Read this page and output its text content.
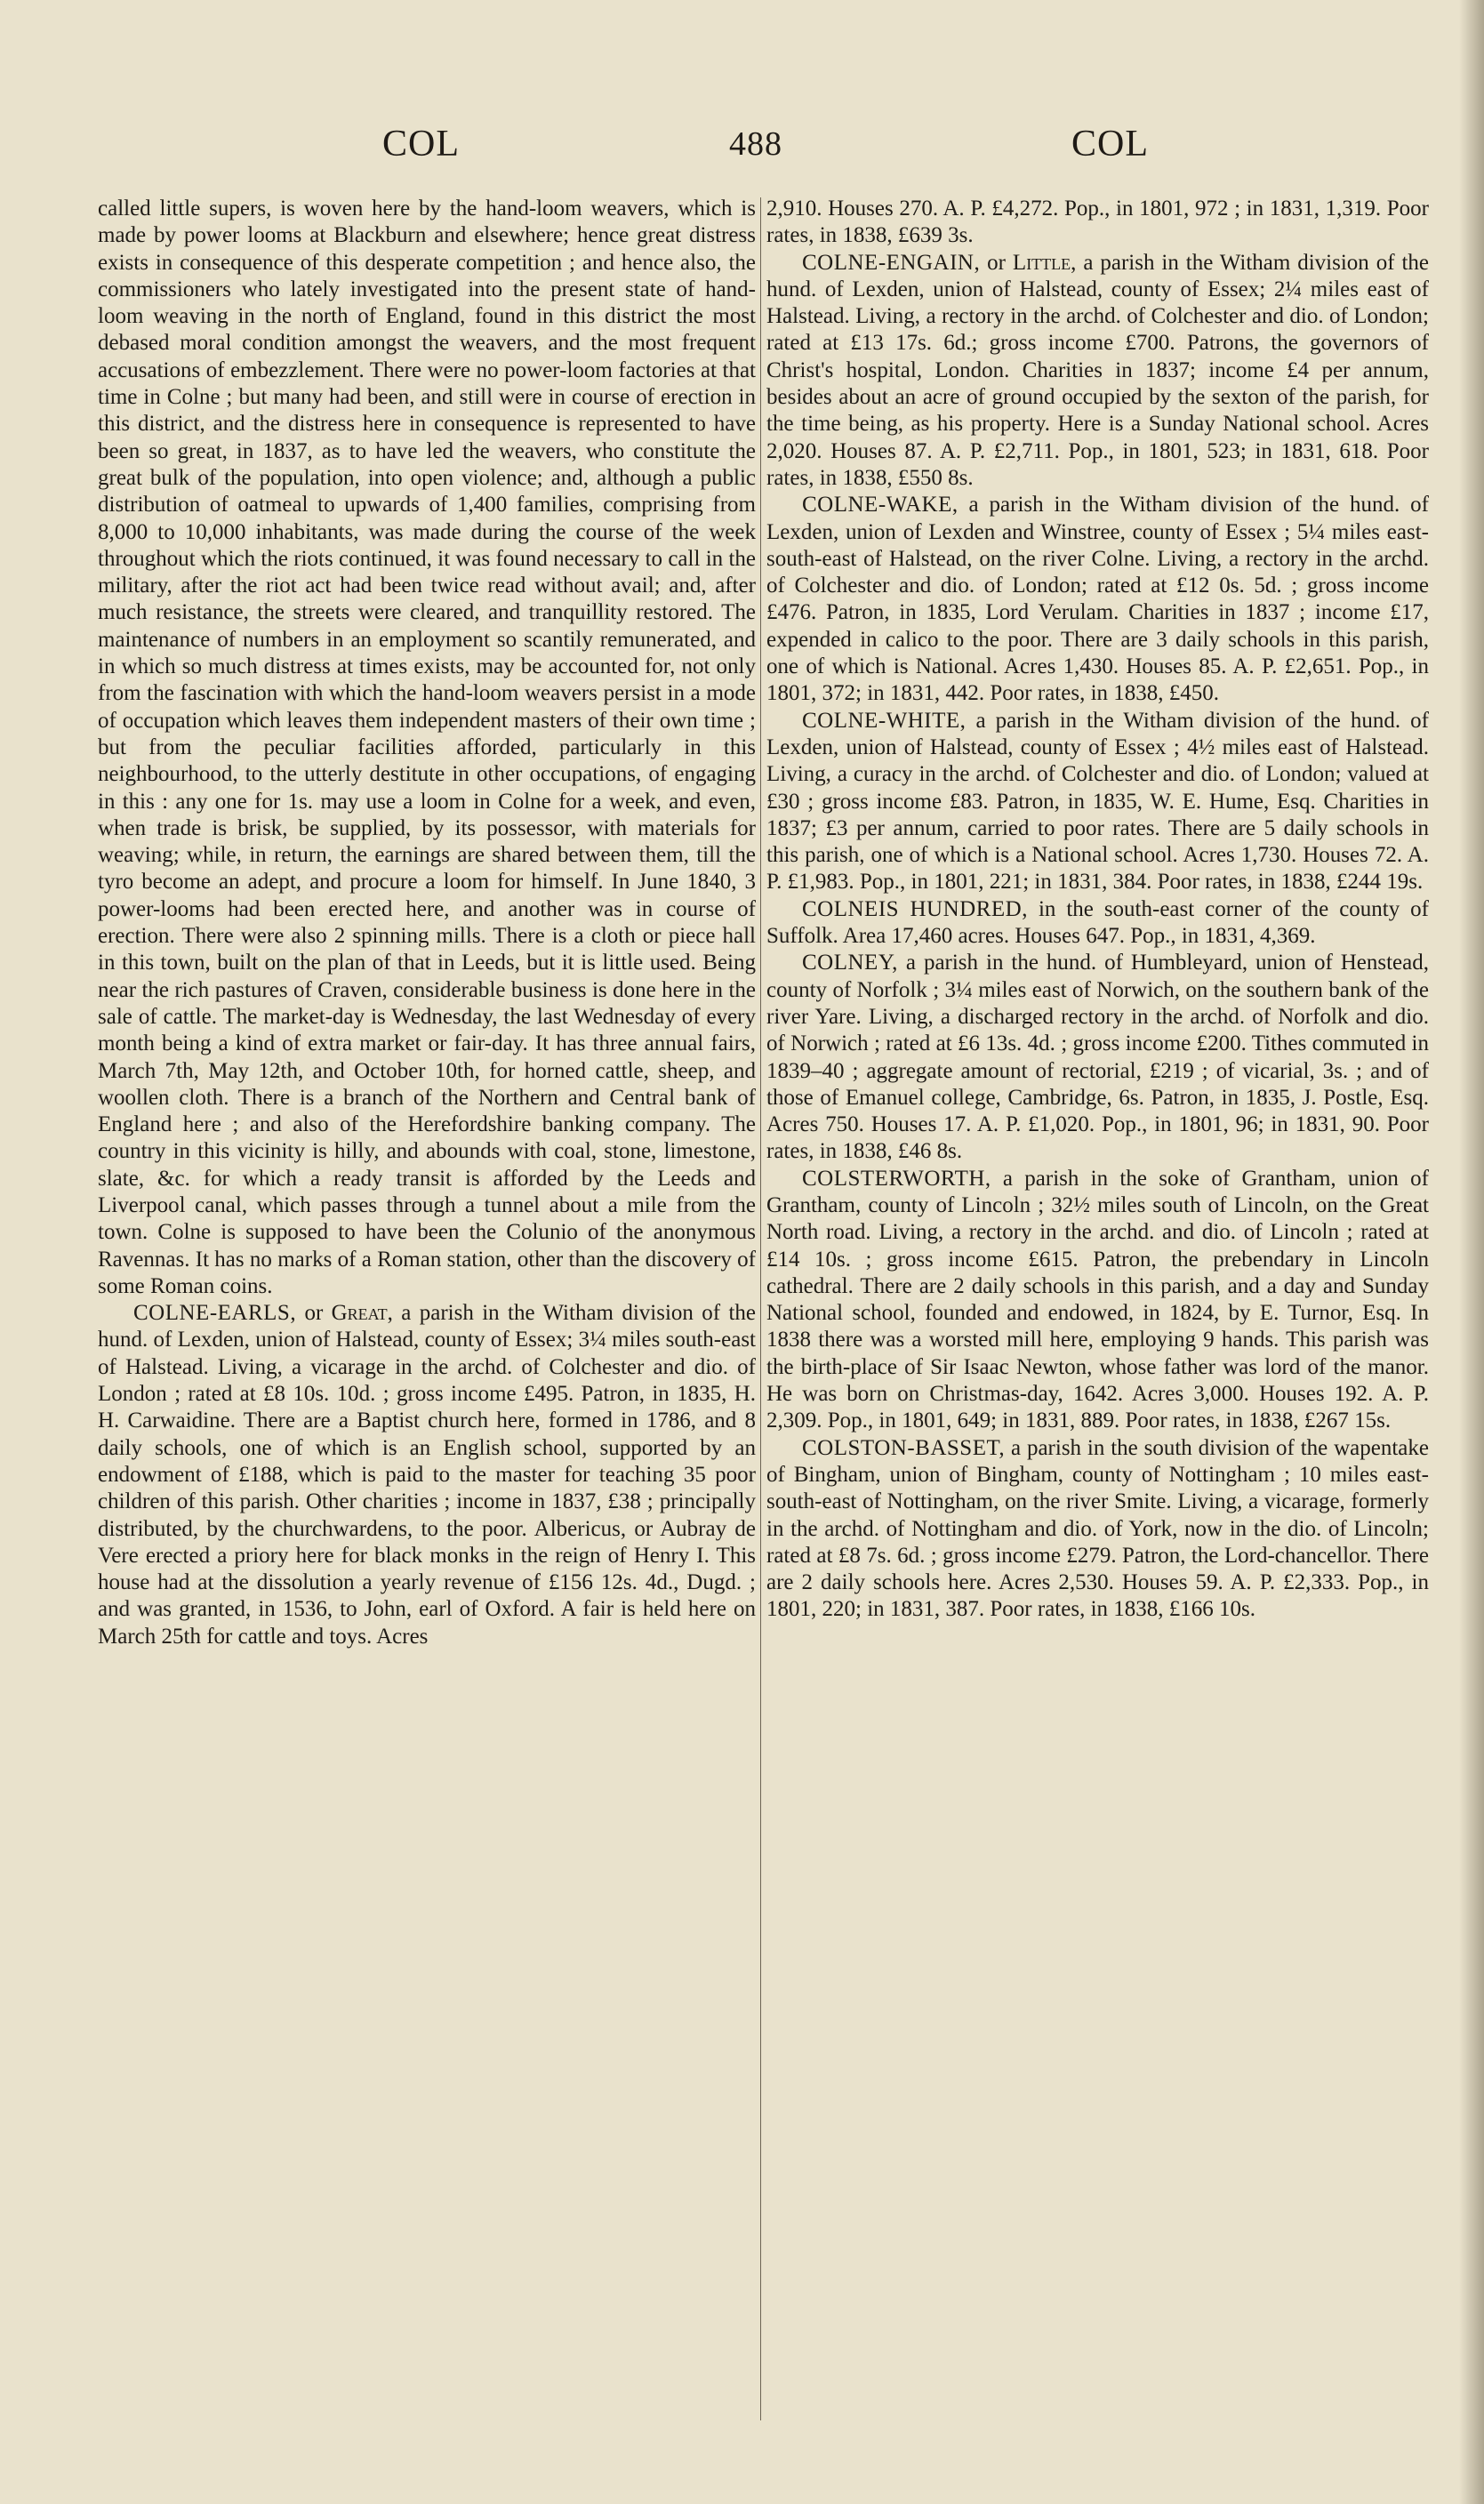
COL	488	COL

called little supers, is woven here by the hand-loom weavers, which is made by power looms at Blackburn and elsewhere; hence great distress exists in consequence of this desperate competition ; and hence also, the commissioners who lately investigated into the present state of hand-loom weaving in the north of England, found in this district the most debased moral condition amongst the weavers, and the most frequent accusations of embezzlement. There were no power-loom factories at that time in Colne ; but many had been, and still were in course of erection in this district, and the distress here in consequence is represented to have been so great, in 1837, as to have led the weavers, who constitute the great bulk of the population, into open violence; and, although a public distribution of oatmeal to upwards of 1,400 families, comprising from 8,000 to 10,000 inhabitants, was made during the course of the week throughout which the riots continued, it was found necessary to call in the military, after the riot act had been twice read without avail; and, after much resistance, the streets were cleared, and tranquillity restored. The maintenance of numbers in an employment so scantily remunerated, and in which so much distress at times exists, may be accounted for, not only from the fascination with which the hand-loom weavers persist in a mode of occupation which leaves them independent masters of their own time ; but from the peculiar facilities afforded, particularly in this neighbourhood, to the utterly destitute in other occupations, of engaging in this : any one for 1s. may use a loom in Colne for a week, and even, when trade is brisk, be supplied, by its possessor, with materials for weaving; while, in return, the earnings are shared between them, till the tyro become an adept, and procure a loom for himself. In June 1840, 3 power-looms had been erected here, and another was in course of erection. There were also 2 spinning mills. There is a cloth or piece hall in this town, built on the plan of that in Leeds, but it is little used. Being near the rich pastures of Craven, considerable business is done here in the sale of cattle. The market-day is Wednesday, the last Wednesday of every month being a kind of extra market or fair-day. It has three annual fairs, March 7th, May 12th, and October 10th, for horned cattle, sheep, and woollen cloth. There is a branch of the Northern and Central bank of England here ; and also of the Herefordshire banking company. The country in this vicinity is hilly, and abounds with coal, stone, limestone, slate, &c. for which a ready transit is afforded by the Leeds and Liverpool canal, which passes through a tunnel about a mile from the town. Colne is supposed to have been the Colunio of the anonymous Ravennas. It has no marks of a Roman station, other than the discovery of some Roman coins.

COLNE-EARLS, or Great, a parish in the Witham division of the hund. of Lexden, union of Halstead, county of Essex; 3¼ miles south-east of Halstead. Living, a vicarage in the archd. of Colchester and dio. of London ; rated at £8 10s. 10d. ; gross income £495. Patron, in 1835, H. H. Carwaidine. There are a Baptist church here, formed in 1786, and 8 daily schools, one of which is an English school, supported by an endowment of £188, which is paid to the master for teaching 35 poor children of this parish. Other charities ; income in 1837, £38 ; principally distributed, by the churchwardens, to the poor. Albericus, or Aubray de Vere erected a priory here for black monks in the reign of Henry I. This house had at the dissolution a yearly revenue of £156 12s. 4d., Dugd. ; and was granted, in 1536, to John, earl of Oxford. A fair is held here on March 25th for cattle and toys. Acres

2,910. Houses 270. A. P. £4,272. Pop., in 1801, 972 ; in 1831, 1,319. Poor rates, in 1838, £639 3s.

COLNE-ENGAIN, or Little, a parish in the Witham division of the hund. of Lexden, union of Halstead, county of Essex; 2¼ miles east of Halstead. Living, a rectory in the archd. of Colchester and dio. of London; rated at £13 17s. 6d.; gross income £700. Patrons, the governors of Christ's hospital, London. Charities in 1837; income £4 per annum, besides about an acre of ground occupied by the sexton of the parish, for the time being, as his property. Here is a Sunday National school. Acres 2,020. Houses 87. A. P. £2,711. Pop., in 1801, 523; in 1831, 618. Poor rates, in 1838, £550 8s.

COLNE-WAKE, a parish in the Witham division of the hund. of Lexden, union of Lexden and Winstree, county of Essex ; 5¼ miles east-south-east of Halstead, on the river Colne. Living, a rectory in the archd. of Colchester and dio. of London; rated at £12 0s. 5d. ; gross income £476. Patron, in 1835, Lord Verulam. Charities in 1837 ; income £17, expended in calico to the poor. There are 3 daily schools in this parish, one of which is National. Acres 1,430. Houses 85. A. P. £2,651. Pop., in 1801, 372; in 1831, 442. Poor rates, in 1838, £450.

COLNE-WHITE, a parish in the Witham division of the hund. of Lexden, union of Halstead, county of Essex ; 4½ miles east of Halstead. Living, a curacy in the archd. of Colchester and dio. of London; valued at £30 ; gross income £83. Patron, in 1835, W. E. Hume, Esq. Charities in 1837; £3 per annum, carried to poor rates. There are 5 daily schools in this parish, one of which is a National school. Acres 1,730. Houses 72. A. P. £1,983. Pop., in 1801, 221; in 1831, 384. Poor rates, in 1838, £244 19s.

COLNEIS HUNDRED, in the south-east corner of the county of Suffolk. Area 17,460 acres. Houses 647. Pop., in 1831, 4,369.

COLNEY, a parish in the hund. of Humbleyard, union of Henstead, county of Norfolk ; 3¼ miles east of Norwich, on the southern bank of the river Yare. Living, a discharged rectory in the archd. of Norfolk and dio. of Norwich ; rated at £6 13s. 4d. ; gross income £200. Tithes commuted in 1839–40 ; aggregate amount of rectorial, £219 ; of vicarial, 3s. ; and of those of Emanuel college, Cambridge, 6s. Patron, in 1835, J. Postle, Esq. Acres 750. Houses 17. A. P. £1,020. Pop., in 1801, 96; in 1831, 90. Poor rates, in 1838, £46 8s.

COLSTERWORTH, a parish in the soke of Grantham, union of Grantham, county of Lincoln ; 32½ miles south of Lincoln, on the Great North road. Living, a rectory in the archd. and dio. of Lincoln ; rated at £14 10s. ; gross income £615. Patron, the prebendary in Lincoln cathedral. There are 2 daily schools in this parish, and a day and Sunday National school, founded and endowed, in 1824, by E. Turnor, Esq. In 1838 there was a worsted mill here, employing 9 hands. This parish was the birth-place of Sir Isaac Newton, whose father was lord of the manor. He was born on Christmas-day, 1642. Acres 3,000. Houses 192. A. P. 2,309. Pop., in 1801, 649; in 1831, 889. Poor rates, in 1838, £267 15s.

COLSTON-BASSET, a parish in the south division of the wapentake of Bingham, union of Bingham, county of Nottingham ; 10 miles east-south-east of Nottingham, on the river Smite. Living, a vicarage, formerly in the archd. of Nottingham and dio. of York, now in the dio. of Lincoln; rated at £8 7s. 6d. ; gross income £279. Patron, the Lord-chancellor. There are 2 daily schools here. Acres 2,530. Houses 59. A. P. £2,333. Pop., in 1801, 220; in 1831, 387. Poor rates, in 1838, £166 10s.
